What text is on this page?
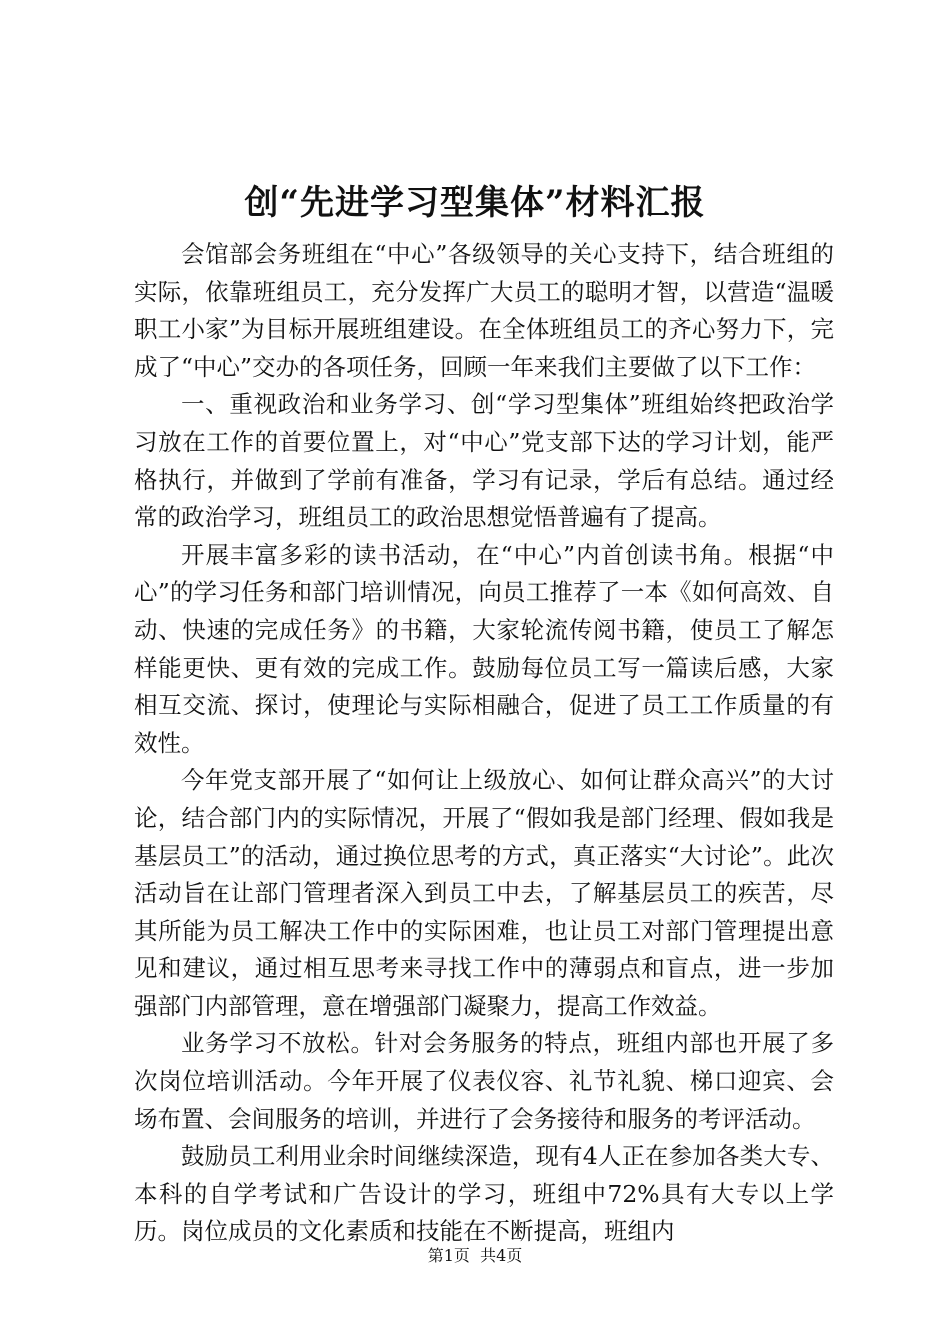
创“先进学习型集体”材料汇报

会馆部会务班组在“中心”各级领导的关心支持下，结合班组的实际，依靠班组员工，充分发挥广大员工的聪明才智，以营造“温暖职工小家”为目标开展班组建设。在全体班组员工的齐心努力下，完成了“中心”交办的各项任务，回顾一年来我们主要做了以下工作：

一、重视政治和业务学习、创“学习型集体”班组始终把政治学习放在工作的首要位置上，对“中心”党支部下达的学习计划，能严格执行，并做到了学前有准备，学习有记录，学后有总结。通过经常的政治学习，班组员工的政治思想觉悟普遍有了提高。

开展丰富多彩的读书活动，在“中心”内首创读书角。根据“中心”的学习任务和部门培训情况，向员工推荐了一本《如何高效、自动、快速的完成任务》的书籍，大家轮流传阅书籍，使员工了解怎样能更快、更有效的完成工作。鼓励每位员工写一篇读后感，大家相互交流、探讨，使理论与实际相融合，促进了员工工作质量的有效性。

今年党支部开展了“如何让上级放心、如何让群众高兴”的大讨论，结合部门内的实际情况，开展了“假如我是部门经理、假如我是基层员工”的活动，通过换位思考的方式，真正落实“大讨论”。此次活动旨在让部门管理者深入到员工中去，了解基层员工的疾苦，尽其所能为员工解决工作中的实际困难，也让员工对部门管理提出意见和建议，通过相互思考来寻找工作中的薄弱点和盲点，进一步加强部门内部管理，意在增强部门凝聚力，提高工作效益。

业务学习不放松。针对会务服务的特点，班组内部也开展了多次岗位培训活动。今年开展了仪表仪容、礼节礼貌、梯口迎宾、会场布置、会间服务的培训，并进行了会务接待和服务的考评活动。

鼓励员工利用业余时间继续深造，现有4人正在参加各类大专、本科的自学考试和广告设计的学习，班组中72%具有大专以上学历。岗位成员的文化素质和技能在不断提高，班组内

第1页  共4页
